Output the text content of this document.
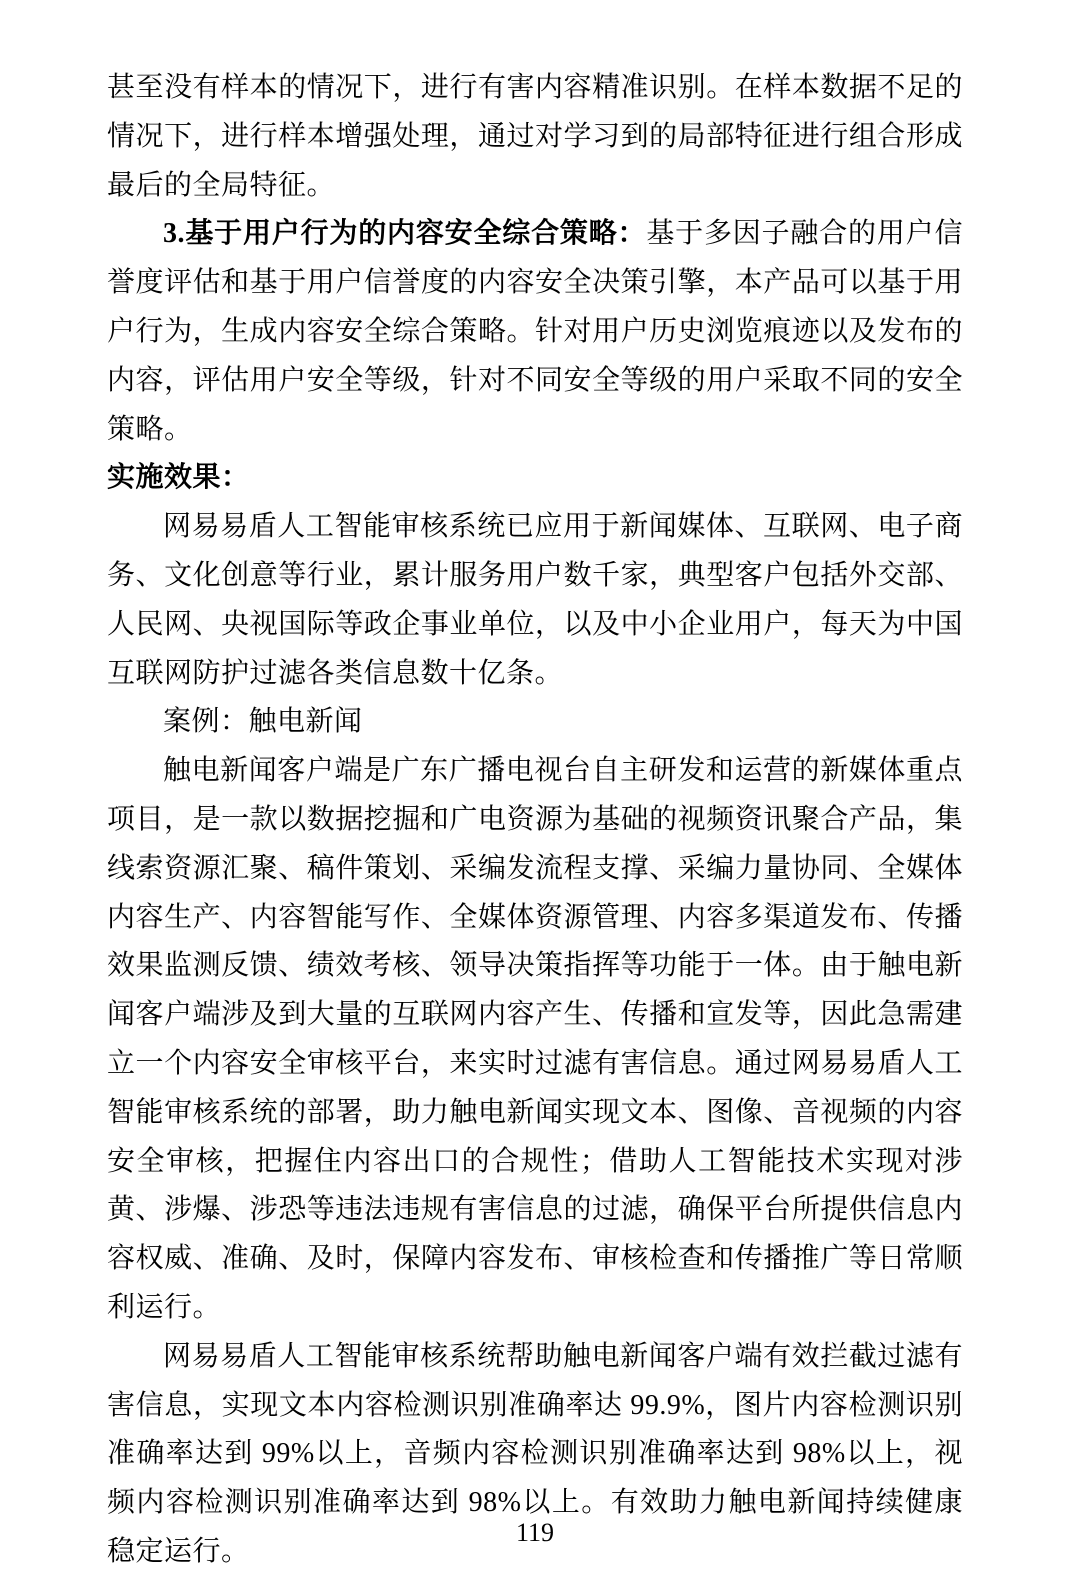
甚至没有样本的情况下，进行有害内容精准识别。在样本数据不足的情况下，进行样本增强处理，通过对学习到的局部特征进行组合形成最后的全局特征。

3.基于用户行为的内容安全综合策略：基于多因子融合的用户信誉度评估和基于用户信誉度的内容安全决策引擎，本产品可以基于用户行为，生成内容安全综合策略。针对用户历史浏览痕迹以及发布的内容，评估用户安全等级，针对不同安全等级的用户采取不同的安全策略。

实施效果：

网易易盾人工智能审核系统已应用于新闻媒体、互联网、电子商务、文化创意等行业，累计服务用户数千家，典型客户包括外交部、人民网、央视国际等政企事业单位，以及中小企业用户，每天为中国互联网防护过滤各类信息数十亿条。

案例：触电新闻

触电新闻客户端是广东广播电视台自主研发和运营的新媒体重点项目，是一款以数据挖掘和广电资源为基础的视频资讯聚合产品，集线索资源汇聚、稿件策划、采编发流程支撑、采编力量协同、全媒体内容生产、内容智能写作、全媒体资源管理、内容多渠道发布、传播效果监测反馈、绩效考核、领导决策指挥等功能于一体。由于触电新闻客户端涉及到大量的互联网内容产生、传播和宣发等，因此急需建立一个内容安全审核平台，来实时过滤有害信息。通过网易易盾人工智能审核系统的部署，助力触电新闻实现文本、图像、音视频的内容安全审核，把握住内容出口的合规性；借助人工智能技术实现对涉黄、涉爆、涉恐等违法违规有害信息的过滤，确保平台所提供信息内容权威、准确、及时，保障内容发布、审核检查和传播推广等日常顺利运行。

网易易盾人工智能审核系统帮助触电新闻客户端有效拦截过滤有害信息，实现文本内容检测识别准确率达 99.9%，图片内容检测识别准确率达到 99%以上，音频内容检测识别准确率达到 98%以上，视频内容检测识别准确率达到 98%以上。有效助力触电新闻持续健康稳定运行。

119
